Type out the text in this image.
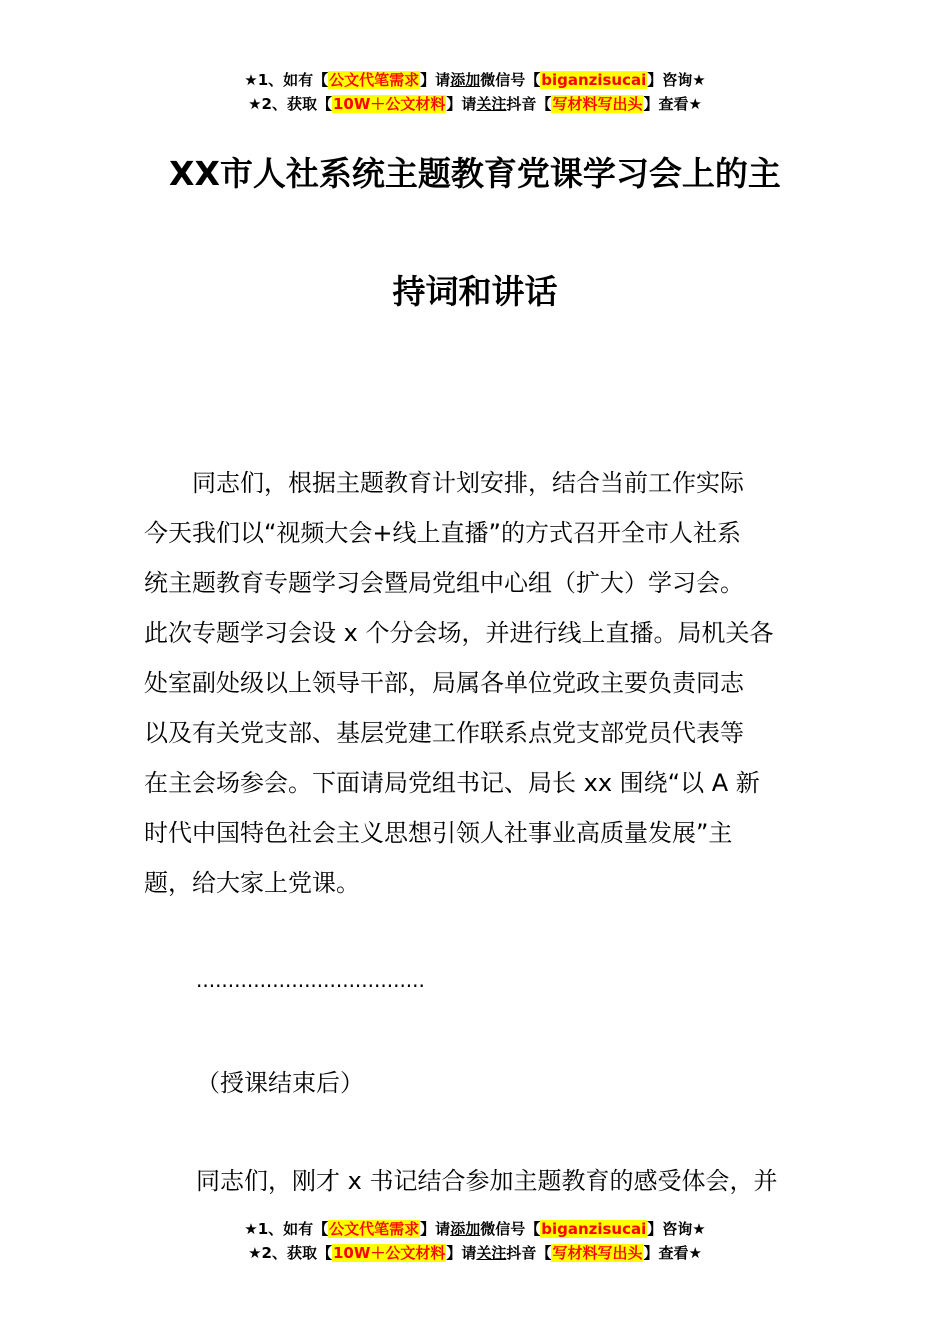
★1、如有【公文代笔需求】请添加微信号【biganzisucai】咨询★
★2、获取【10W＋公文材料】请关注抖音【写材料写出头】查看★
XX市人社系统主题教育党课学习会上的主
持词和讲话
　　同志们，根据主题教育计划安排，结合当前工作实际
今天我们以“视频大会+线上直播”的方式召开全市人社系
统主题教育专题学习会暨局党组中心组（扩大）学习会。
此次专题学习会设 x 个分会场，并进行线上直播。局机关各
处室副处级以上领导干部，局属各单位党政主要负责同志
以及有关党支部、基层党建工作联系点党支部党员代表等
在主会场参会。下面请局党组书记、局长 xx 围绕“以 A 新
时代中国特色社会主义思想引领人社事业高质量发展”主
题，给大家上党课。
....................................
（授课结束后）
同志们，刚才 x 书记结合参加主题教育的感受体会，并
★1、如有【公文代笔需求】请添加微信号【biganzisucai】咨询★
★2、获取【10W＋公文材料】请关注抖音【写材料写出头】查看★
